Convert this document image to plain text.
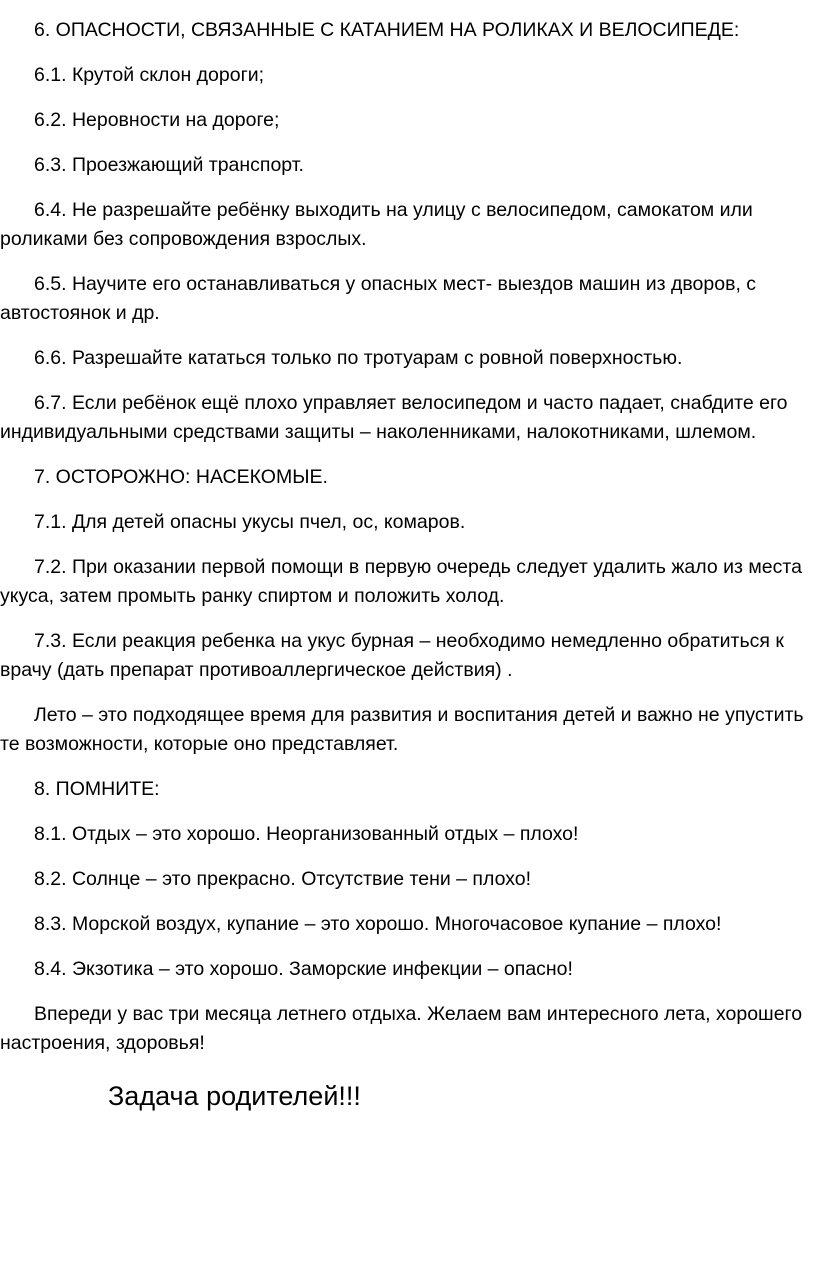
6. ОПАСНОСТИ, СВЯЗАННЫЕ С КАТАНИЕМ НА РОЛИКАХ И ВЕЛОСИПЕДЕ:

6.1. Крутой склон дороги;

6.2. Неровности на дороге;

6.3. Проезжающий транспорт.

6.4. Не разрешайте ребёнку выходить на улицу с велосипедом, самокатом или роликами без сопровождения взрослых.

6.5. Научите его останавливаться у опасных мест- выездов машин из дворов, с автостоянок и др.

6.6. Разрешайте кататься только по тротуарам с ровной поверхностью.

6.7. Если ребёнок ещё плохо управляет велосипедом и часто падает, снабдите его индивидуальными средствами защиты – наколенниками, налокотниками, шлемом.

7. ОСТОРОЖНО: НАСЕКОМЫЕ.

7.1. Для детей опасны укусы пчел, ос, комаров.

7.2. При оказании первой помощи в первую очередь следует удалить жало из места укуса, затем промыть ранку спиртом и положить холод.

7.3. Если реакция ребенка на укус бурная – необходимо немедленно обратиться к врачу (дать препарат противоаллергическое действия) .

Лето – это подходящее время для развития и воспитания детей и важно не упустить те возможности, которые оно представляет.

8. ПОМНИТЕ:

8.1. Отдых – это хорошо. Неорганизованный отдых – плохо!

8.2. Солнце – это прекрасно. Отсутствие тени – плохо!

8.3. Морской воздух, купание – это хорошо. Многочасовое купание – плохо!

8.4. Экзотика – это хорошо. Заморские инфекции – опасно!

Впереди у вас три месяца летнего отдыха. Желаем вам интересного лета, хорошего настроения, здоровья!

Задача родителей!!!
